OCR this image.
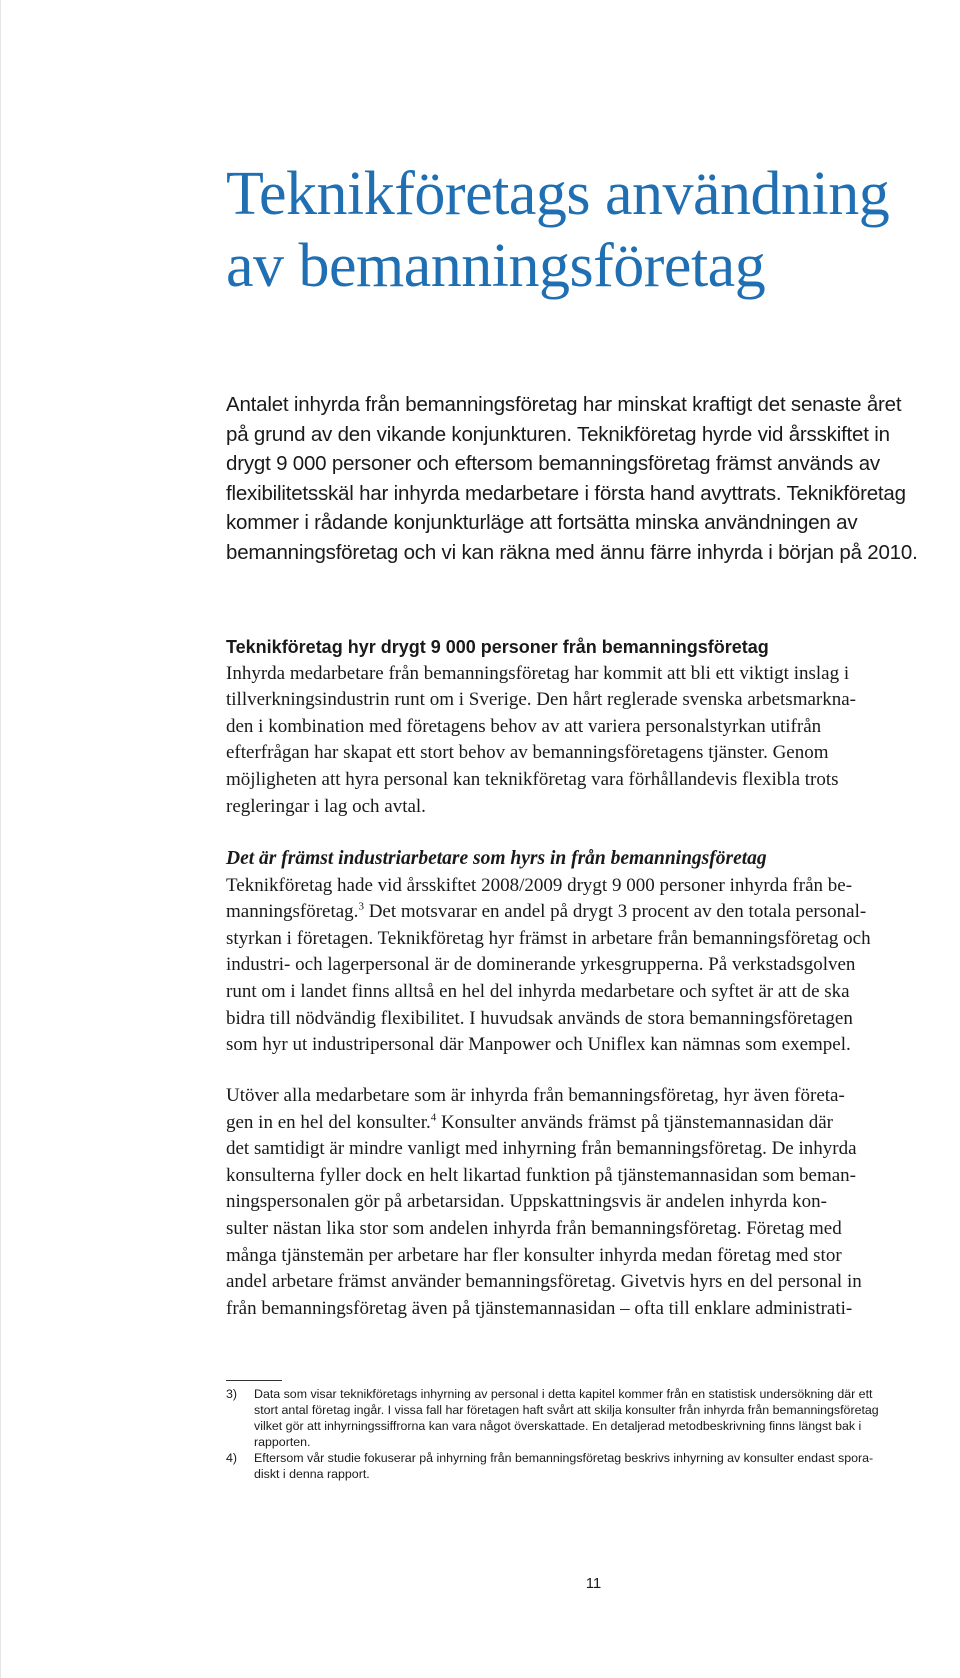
Teknikföretags användning
av bemanningsföretag
Antalet inhyrda från bemanningsföretag har minskat kraftigt det senaste året
på grund av den vikande konjunkturen. Teknikföretag hyrde vid årsskiftet in
drygt 9 000 personer och eftersom bemanningsföretag främst används av
flexibilitetsskäl har inhyrda medarbetare i första hand avyttrats. Teknikföretag
kommer i rådande konjunkturläge att fortsätta minska användningen av
bemanningsföretag och vi kan räkna med ännu färre inhyrda i början på 2010.
Teknikföretag hyr drygt 9 000 personer från bemanningsföretag
Inhyrda medarbetare från bemanningsföretag har kommit att bli ett viktigt inslag i
tillverkningsindustrin runt om i Sverige. Den hårt reglerade svenska arbetsmarkna-
den i kombination med företagens behov av att variera personalstyrkan utifrån
efterfrågan har skapat ett stort behov av bemanningsföretagens tjänster. Genom
möjligheten att hyra personal kan teknikföretag vara förhållandevis flexibla trots
regleringar i lag och avtal.
Det är främst industriarbetare som hyrs in från bemanningsföretag
Teknikföretag hade vid årsskiftet 2008/2009 drygt 9 000 personer inhyrda från be-
manningsföretag.$^3$ Det motsvarar en andel på drygt 3 procent av den totala personal-
styrkan i företagen. Teknikföretag hyr främst in arbetare från bemanningsföretag och
industri- och lagerpersonal är de dominerande yrkesgrupperna. På verkstadsgolven
runt om i landet finns alltså en hel del inhyrda medarbetare och syftet är att de ska
bidra till nödvändig flexibilitet. I huvudsak används de stora bemanningsföretagen
som hyr ut industripersonal där Manpower och Uniflex kan nämnas som exempel.
Utöver alla medarbetare som är inhyrda från bemanningsföretag, hyr även företa-
gen in en hel del konsulter.$^4$ Konsulter används främst på tjänstemannasidan där
det samtidigt är mindre vanligt med inhyrning från bemanningsföretag. De inhyrda
konsulterna fyller dock en helt likartad funktion på tjänstemannasidan som beman-
ningspersonalen gör på arbetarsidan. Uppskattningsvis är andelen inhyrda kon-
sulter nästan lika stor som andelen inhyrda från bemanningsföretag. Företag med
många tjänstemän per arbetare har fler konsulter inhyrda medan företag med stor
andel arbetare främst använder bemanningsföretag. Givetvis hyrs en del personal in
från bemanningsföretag även på tjänstemannasidan – ofta till enklare administrati-
3)	Data som visar teknikföretags inhyrning av personal i detta kapitel kommer från en statistisk undersökning där ett
stort antal företag ingår. I vissa fall har företagen haft svårt att skilja konsulter från inhyrda från bemanningsföretag
vilket gör att inhyrningssiffrorna kan vara något överskattade. En detaljerad metodbeskrivning finns längst bak i
rapporten.
4)	Eftersom vår studie fokuserar på inhyrning från bemanningsföretag beskrivs inhyrning av konsulter endast spora-
diskt i denna rapport.
11
